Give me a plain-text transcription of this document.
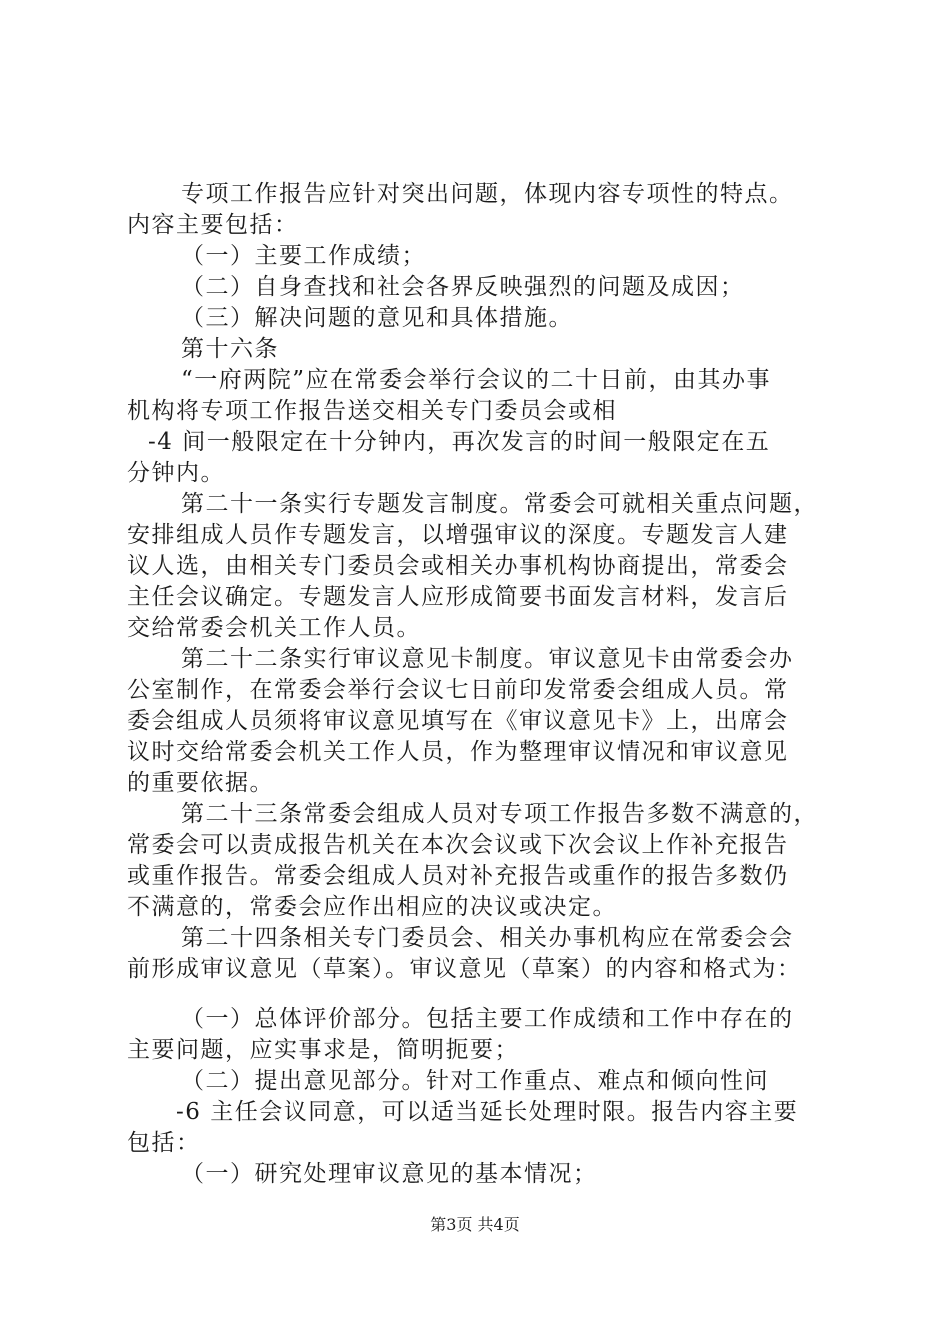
专项工作报告应针对突出问题，体现内容专项性的特点。
内容主要包括：
（一）主要工作成绩；
（二）自身查找和社会各界反映强烈的问题及成因；
（三）解决问题的意见和具体措施。
第十六条
“一府两院”应在常委会举行会议的二十日前，由其办事
机构将专项工作报告送交相关专门委员会或相
-4 间一般限定在十分钟内，再次发言的时间一般限定在五
分钟内。
第二十一条实行专题发言制度。常委会可就相关重点问题，
安排组成人员作专题发言，以增强审议的深度。专题发言人建
议人选，由相关专门委员会或相关办事机构协商提出，常委会
主任会议确定。专题发言人应形成简要书面发言材料，发言后
交给常委会机关工作人员。
第二十二条实行审议意见卡制度。审议意见卡由常委会办
公室制作，在常委会举行会议七日前印发常委会组成人员。常
委会组成人员须将审议意见填写在《审议意见卡》上，出席会
议时交给常委会机关工作人员，作为整理审议情况和审议意见
的重要依据。
第二十三条常委会组成人员对专项工作报告多数不满意的，
常委会可以责成报告机关在本次会议或下次会议上作补充报告
或重作报告。常委会组成人员对补充报告或重作的报告多数仍
不满意的，常委会应作出相应的决议或决定。
第二十四条相关专门委员会、相关办事机构应在常委会会
前形成审议意见（草案）。审议意见（草案）的内容和格式为：
（一）总体评价部分。包括主要工作成绩和工作中存在的
主要问题，应实事求是，简明扼要；
（二）提出意见部分。针对工作重点、难点和倾向性问
-6 主任会议同意，可以适当延长处理时限。报告内容主要
包括：
（一）研究处理审议意见的基本情况；
第3页 共4页
